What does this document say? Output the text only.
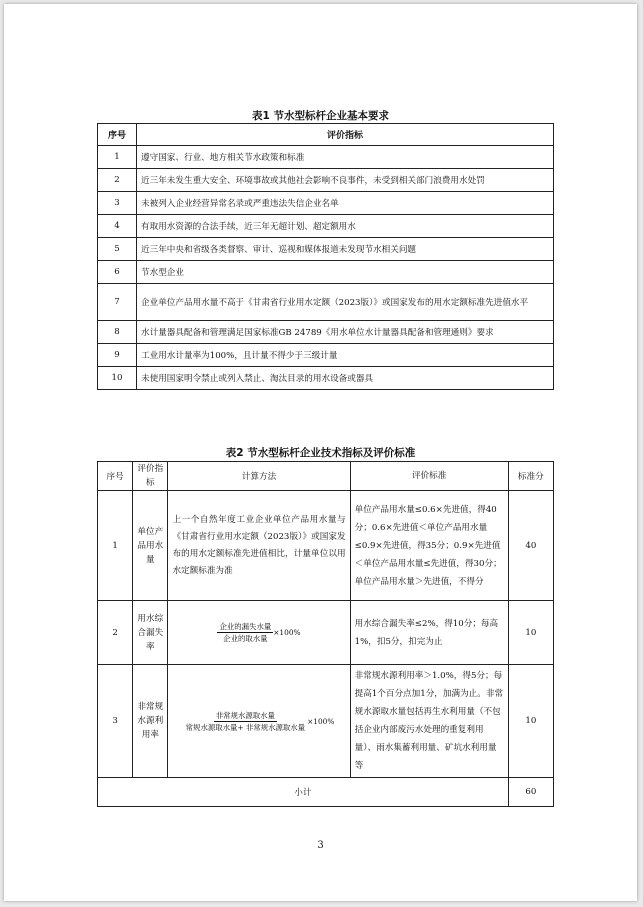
表1 节水型标杆企业基本要求
序号	评价指标
1	遵守国家、行业、地方相关节水政策和标准
2	近三年未发生重大安全、环境事故或其他社会影响不良事件，未受到相关部门浪费用水处罚
3	未被列入企业经营异常名录或严重违法失信企业名单
4	有取用水资源的合法手续，近三年无超计划、超定额用水
5	近三年中央和省级各类督察、审计、巡视和媒体报道未发现节水相关问题
6	节水型企业
7	企业单位产品用水量不高于《甘肃省行业用水定额（2023版）》或国家发布的用水定额标准先进值水平
8	水计量器具配备和管理满足国家标准GB 24789《用水单位水计量器具配备和管理通则》要求
9	工业用水计量率为100%，且计量不得少于三级计量
10	未使用国家明令禁止或列入禁止、淘汰目录的用水设备或器具
表2 节水型标杆企业技术指标及评价标准
序号	评价指标	计算方法	评价标准	标准分
1	单位产品用水量	上一个自然年度工业企业单位产品用水量与《甘肃省行业用水定额（2023版）》或国家发布的用水定额标准先进值相比，计量单位以用水定额标准为准	单位产品用水量≤0.6×先进值，得40分；0.6×先进值＜单位产品用水量≤0.9×先进值，得35分；0.9×先进值＜单位产品用水量≤先进值，得30分；单位产品用水量＞先进值，不得分	40
2	用水综合漏失率	$\frac{\text{企业的漏失水量}}{\text{企业的取水量}} \times 100\%$	用水综合漏失率≤2%，得10分；每高1%，扣5分，扣完为止	10
3	非常规水源利用率	$\frac{\text{非常规水源取水量}}{\text{常规水源取水量+ 非常规水源取水量}} \times 100\%$	非常规水源利用率＞1.0%，得5分；每提高1个百分点加1分，加满为止。非常规水源取水量包括再生水利用量（不包括企业内部废污水处理的重复利用量）、雨水集蓄利用量、矿坑水利用量等	10
小计				60
3
